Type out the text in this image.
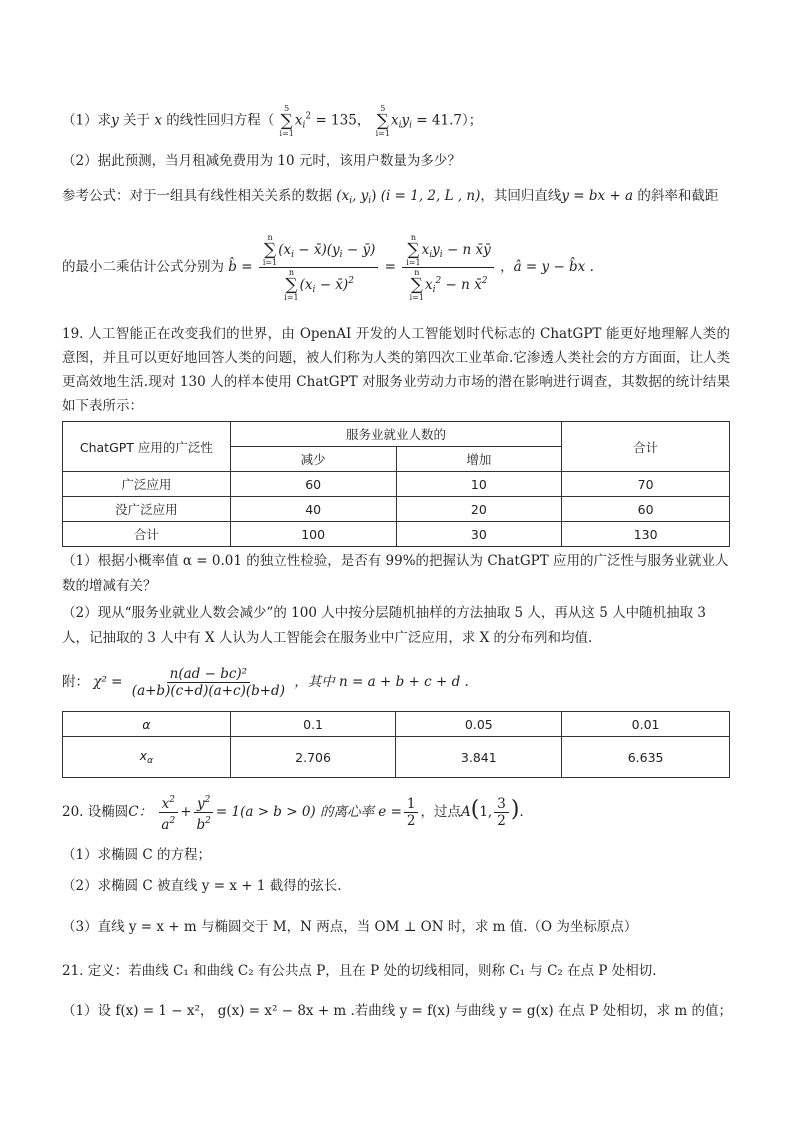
（1）求y 关于 x 的线性回归方程（
5
∑
i=1
$x_i^2 = 135$，
5
∑
i=1
$x_iy_i = 41.7$）；
（2）据此预测，当月租减免费用为 10 元时，该用户数量为多少？
参考公式：对于一组具有线性相关关系的数据 ($x_i$, $y_i$) (i = 1, 2, L , n)，其回归直线y = bx + a 的斜率和截距
的最小二乘估计公式分别为 b̂ = n
∑
i=1
($x_i$ − $x̄)(y_i$ − ȳ)
n
∑
i=1
($x_i$ − x̄)$^2$ = n
∑
i=1
$x_iy_i - n$ x̄ȳ
n
∑
i=1
$x_i^2 - n$ x̄$^2$ ，â = y − b̂x .
19. 人工智能正在改变我们的世界，由 OpenAI 开发的人工智能划时代标志的 ChatGPT 能更好地理解人类的意图，并且可以更好地回答人类的问题，被人们称为人类的第四次工业革命.它渗透人类社会的方方面面，让人类更高效地生活.现对 130 人的样本使用 ChatGPT 对服务业劳动力市场的潜在影响进行调查，其数据的统计结果如下表所示：
ChatGPT 应用的广泛性	服务业就业人数的		合计
	减少	增加	
广泛应用	60	10	70
没广泛应用	40	20	60
合计	100	30	130
（1）根据小概率值 α = 0.01 的独立性检验，是否有 99%的把握认为 ChatGPT 应用的广泛性与服务业就业人
数的增减有关？
（2）现从“服务业就业人数会减少”的 100 人中按分层随机抽样的方法抽取 5 人，再从这 5 人中随机抽取 3
人，记抽取的 3 人中有 X 人认为人工智能会在服务业中广泛应用，求 X 的分布列和均值.
附： $\chi^2 = \frac{\text{n(ad − bc)²}}{(a+b)(c+d)(a+c)(b+d)}$ ，其中 n = a + b + c + d .
α	0.1	0.05	0.01
$x_\alpha$	2.706	3.841	6.635
20. 设椭圆C： $\frac{x^2}{a^2} + \frac{y^2}{b^2} = 1(a > b > 0)$ 的离心率 $e = \frac{1}{2}$ ，过点A(1, $\frac{3}{2}$ ).
（1）求椭圆 C 的方程；
（2）求椭圆 C 被直线 y = x + 1 截得的弦长.
（3）直线 y = x + m 与椭圆交于 M，N 两点，当 OM ⊥ ON 时，求 m 值.（O 为坐标原点）
21. 定义：若曲线 C₁ 和曲线 C₂ 有公共点 P，且在 P 处的切线相同，则称 C₁ 与 C₂ 在点 P 处相切.
（1）设 f(x) = 1 − x²， g(x) = x² − 8x + m .若曲线 y = f(x) 与曲线 y = g(x) 在点 P 处相切，求 m 的值；
